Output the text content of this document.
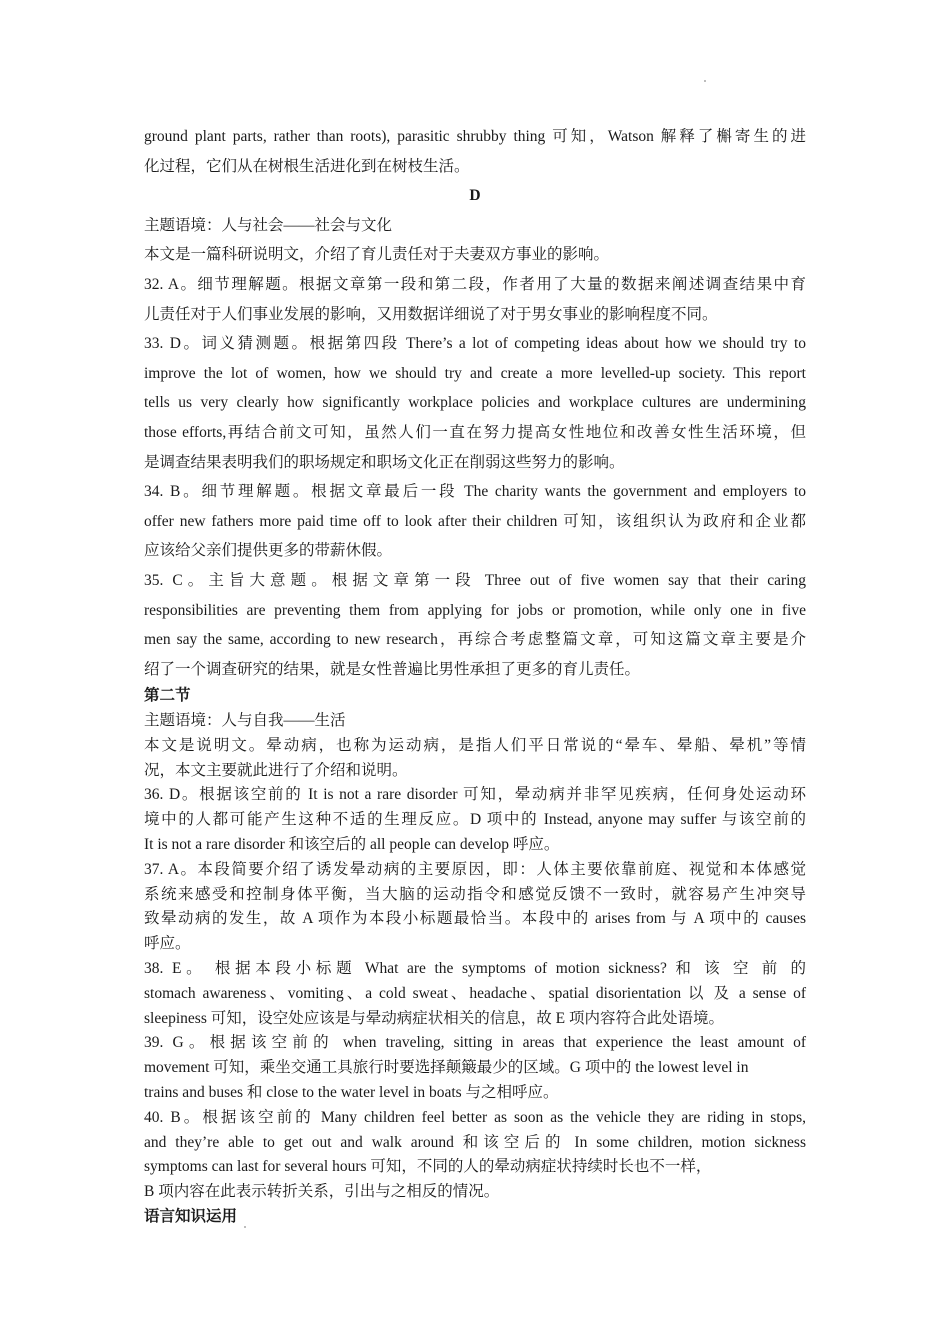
ground plant parts, rather than roots), parasitic shrubby thing 可知，Watson 解释了槲寄生的进
化过程，它们从在树根生活进化到在树枝生活。
D
主题语境：人与社会——社会与文化
本文是一篇科研说明文，介绍了育儿责任对于夫妻双方事业的影响。
32. A。细节理解题。根据文章第一段和第二段，作者用了大量的数据来阐述调查结果中育
儿责任对于人们事业发展的影响，又用数据详细说了对于男女事业的影响程度不同。
33. D。词义猜测题。根据第四段 There’s a lot of competing ideas about how we should try to
improve the lot of women, how we should try and create a more levelled-up society. This report
tells us very clearly how significantly workplace policies and workplace cultures are undermining
those efforts,再结合前文可知，虽然人们一直在努力提高女性地位和改善女性生活环境，但
是调查结果表明我们的职场规定和职场文化正在削弱这些努力的影响。
34. B。细节理解题。根据文章最后一段 The charity wants the government and employers to
offer new fathers more paid time off to look after their children 可知，该组织认为政府和企业都
应该给父亲们提供更多的带薪休假。
35. C。主旨大意题。根据文章第一段 Three out of five women say that their caring
responsibilities are preventing them from applying for jobs or promotion, while only one in five
men say the same, according to new research，再综合考虑整篇文章，可知这篇文章主要是介
绍了一个调查研究的结果，就是女性普遍比男性承担了更多的育儿责任。
第二节
主题语境：人与自我——生活
本文是说明文。晕动病，也称为运动病，是指人们平日常说的“晕车、晕船、晕机”等情
况，本文主要就此进行了介绍和说明。
36. D。根据该空前的 It is not a rare disorder 可知，晕动病并非罕见疾病，任何身处运动环
境中的人都可能产生这种不适的生理反应。D 项中的 Instead, anyone may suffer 与该空前的
It is not a rare disorder 和该空后的 all people can develop 呼应。
37. A。本段简要介绍了诱发晕动病的主要原因，即：人体主要依靠前庭、视觉和本体感觉
系统来感受和控制身体平衡，当大脑的运动指令和感觉反馈不一致时，就容易产生冲突导
致晕动病的发生，故 A 项作为本段小标题最恰当。本段中的 arises from 与 A 项中的 causes
呼应。
38. E。 根据本段小标题 What are the symptoms of motion sickness? 和 该 空 前 的
stomach awareness、vomiting、a cold sweat、headache、spatial disorientation 以 及 a sense of
sleepiness 可知，设空处应该是与晕动病症状相关的信息，故 E 项内容符合此处语境。
39. G。根据该空前的 when traveling, sitting in areas that experience the least amount of
movement 可知，乘坐交通工具旅行时要选择颠簸最少的区域。G 项中的 the lowest level in
trains and buses 和 close to the water level in boats 与之相呼应。
40. B。根据该空前的 Many children feel better as soon as the vehicle they are riding in stops,
and they’re able to get out and walk around 和该空后的 In some children, motion sickness
symptoms can last for several hours 可知，不同的人的晕动病症状持续时长也不一样，
B 项内容在此表示转折关系，引出与之相反的情况。
语言知识运用
